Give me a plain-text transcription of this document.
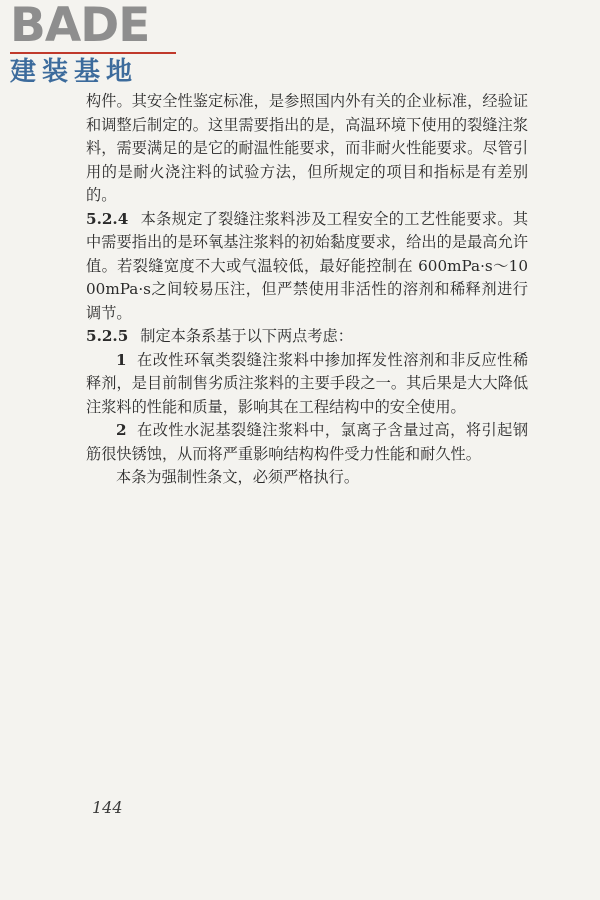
BADE
建装基地

构件。其安全性鉴定标准，是参照国内外有关的企业标准，经验证和调整后制定的。这里需要指出的是，高温环境下使用的裂缝注浆料，需要满足的是它的耐温性能要求，而非耐火性能要求。尽管引用的是耐火浇注料的试验方法，但所规定的项目和指标是有差别的。

5.2.4 本条规定了裂缝注浆料涉及工程安全的工艺性能要求。其中需要指出的是环氧基注浆料的初始黏度要求，给出的是最高允许值。若裂缝宽度不大或气温较低，最好能控制在 600mPa·s～1000mPa·s之间较易压注，但严禁使用非活性的溶剂和稀释剂进行调节。

5.2.5 制定本条系基于以下两点考虑：

1 在改性环氧类裂缝注浆料中掺加挥发性溶剂和非反应性稀释剂，是目前制售劣质注浆料的主要手段之一。其后果是大大降低注浆料的性能和质量，影响其在工程结构中的安全使用。

2 在改性水泥基裂缝注浆料中，氯离子含量过高，将引起钢筋很快锈蚀，从而将严重影响结构构件受力性能和耐久性。

本条为强制性条文，必须严格执行。

144
